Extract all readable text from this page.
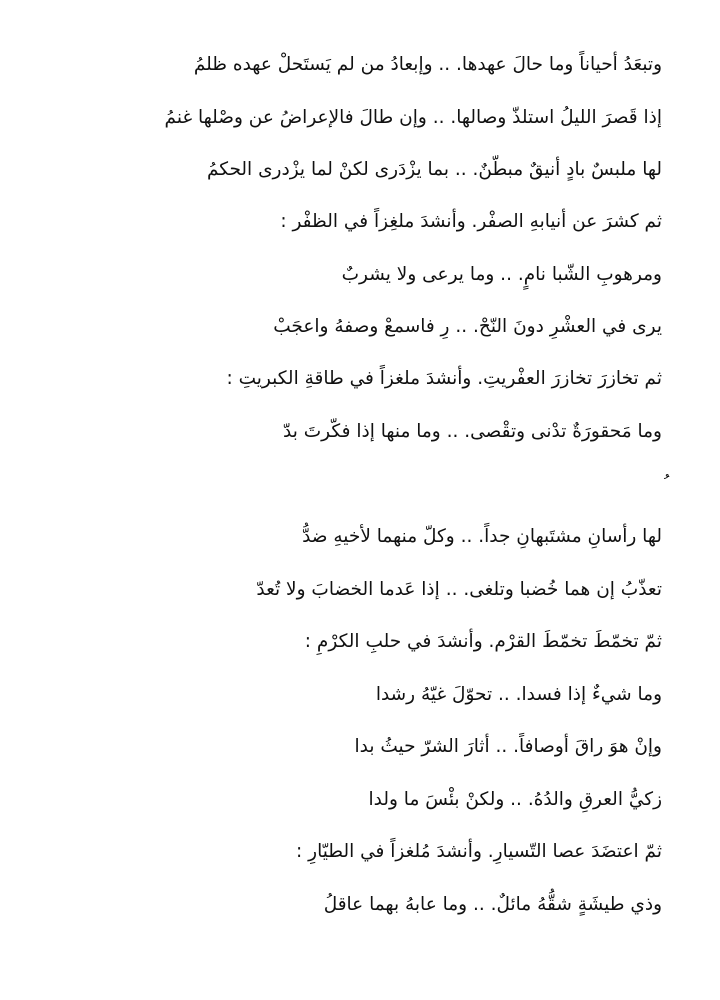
وتبعَدُ أحياناً وما حالَ عهدها. .. وإبعادُ من لم يَستَحلْ عهده ظلمُ
إذا قَصرَ الليلُ استلذّ وصالها. .. وإن طالَ فالإعراضُ عن وصْلها غنمُ
لها ملبسٌ بادٍ أنيقٌ مبطّنٌ. .. بما يزْدَرى لكنْ لما يزْدرى الحكمُ
ثم كشرَ عن أنيابهِ الصفْر. وأنشدَ ملغِزاً في الظفْر :
ومرهوبِ الشّبا نامٍ. .. وما يرعى ولا يشربٌ
يرى في العشْرِ دونَ النّحْ. .. رِ فاسمعْ وصفهُ واعجَبْ
ثم تخازرَ تخازرَ العفْريتِ. وأنشدَ ملغزاً في طاقةِ الكبريتِ :
وما مَحقورَةٌ تدْنى وتقْصى. .. وما منها إذا فكّرتَ بدّ
لها رأسانِ مشتَبهانِ جداً. .. وكلّ منهما لأخيهِ ضدُّ
تعذّبُ إن هما خُضبا وتلغى. .. إذا عَدما الخضابَ ولا تُعدّ
ثمّ تخمّطَ تخمّطَ القرْم. وأنشدَ في حلبِ الكرْمِ :
وما شيءٌ إذا فسدا. .. تحوّلَ غيّهُ رشدا
وإنْ هوَ راقَ أوصافاً. .. أثارَ الشرّ حيثُ بدا
زكيُّ العرقِ والدُهُ. .. ولكنْ بئْسَ ما ولدا
ثمّ اعتضَدَ عصا التّسيارِ. وأنشدَ مُلغزاً في الطيّارِ :
وذي طيشَةٍ شقُّهُ مائلٌ. .. وما عابهُ بهما عاقلُ
